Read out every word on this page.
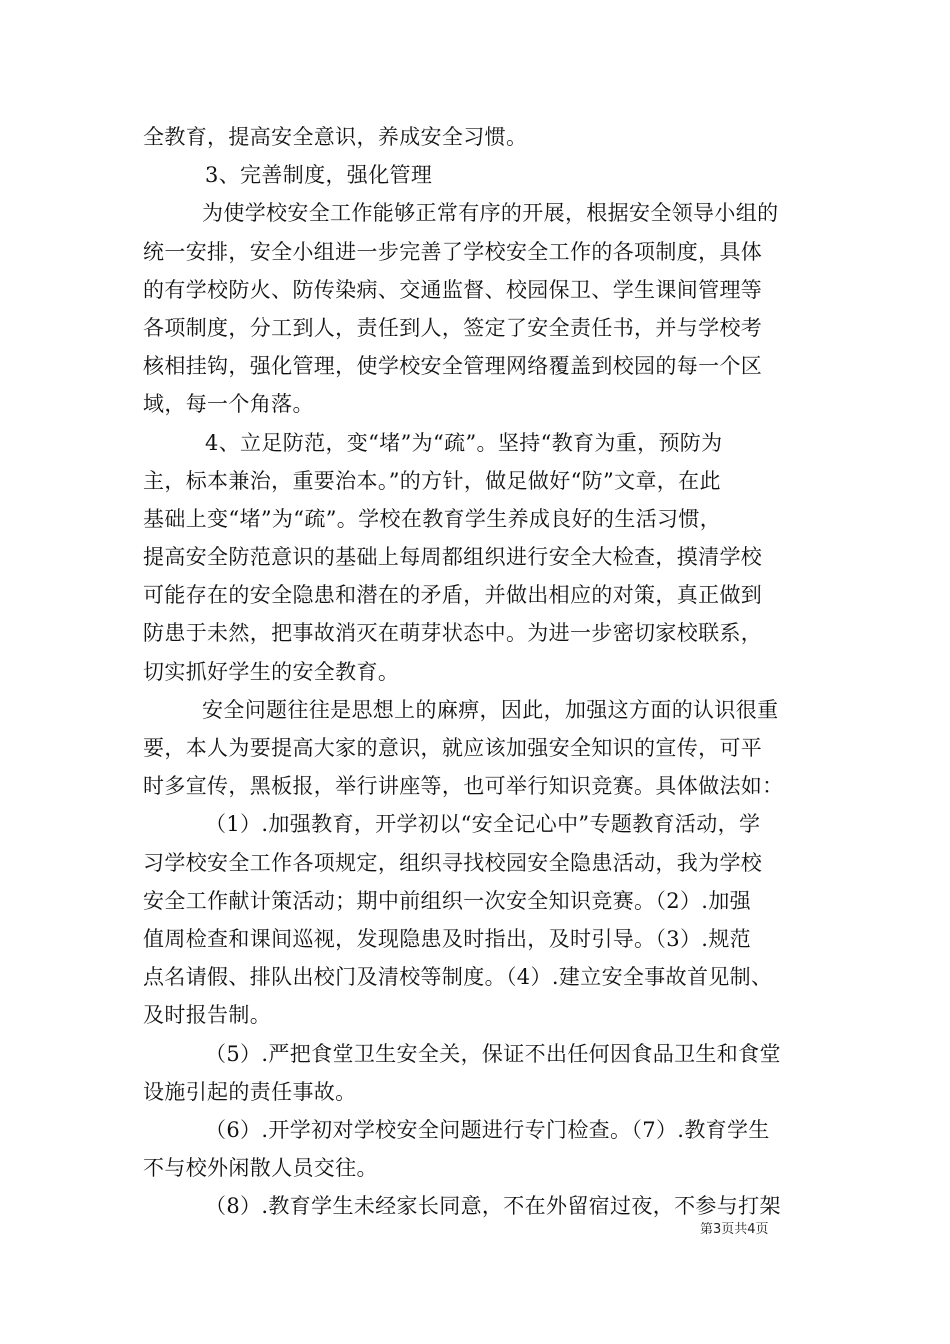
全教育，提高安全意识，养成安全习惯。
3、完善制度，强化管理
为使学校安全工作能够正常有序的开展，根据安全领导小组的
统一安排，安全小组进一步完善了学校安全工作的各项制度，具体
的有学校防火、防传染病、交通监督、校园保卫、学生课间管理等
各项制度，分工到人，责任到人，签定了安全责任书，并与学校考
核相挂钩，强化管理，使学校安全管理网络覆盖到校园的每一个区
域，每一个角落。
4、立足防范，变“堵”为“疏”。坚持“教育为重，预防为
主，标本兼治，重要治本。”的方针，做足做好“防”文章，在此
基础上变“堵”为“疏”。学校在教育学生养成良好的生活习惯，
提高安全防范意识的基础上每周都组织进行安全大检查，摸清学校
可能存在的安全隐患和潜在的矛盾，并做出相应的对策，真正做到
防患于未然，把事故消灭在萌芽状态中。为进一步密切家校联系，
切实抓好学生的安全教育。
安全问题往往是思想上的麻痹，因此，加强这方面的认识很重
要，本人为要提高大家的意识，就应该加强安全知识的宣传，可平
时多宣传，黑板报，举行讲座等，也可举行知识竞赛。具体做法如：
（1）.加强教育，开学初以“安全记心中”专题教育活动，学
习学校安全工作各项规定，组织寻找校园安全隐患活动，我为学校
安全工作献计策活动；期中前组织一次安全知识竞赛。（2）.加强
值周检查和课间巡视，发现隐患及时指出，及时引导。（3）.规范
点名请假、排队出校门及清校等制度。（4）.建立安全事故首见制、
及时报告制。
（5）.严把食堂卫生安全关，保证不出任何因食品卫生和食堂
设施引起的责任事故。
（6）.开学初对学校安全问题进行专门检查。（7）.教育学生
不与校外闲散人员交往。
（8）.教育学生未经家长同意，不在外留宿过夜，不参与打架
第3页共4页
